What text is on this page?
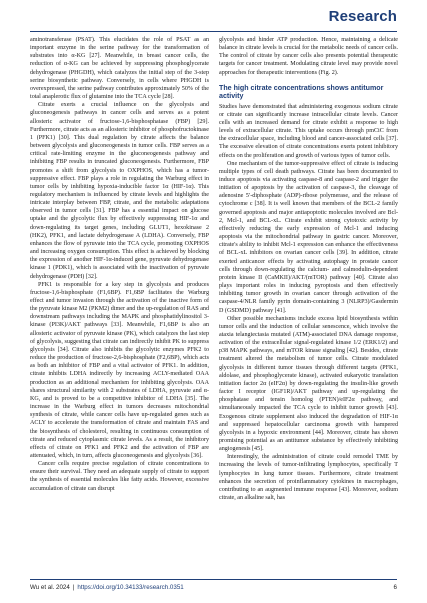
Research

aminotransferase (PSAT). This elucidates the role of PSAT as an important enzyme in the serine pathway for the transformation of substrates into α-KG [27]. Meanwhile, in breast cancer cells, the reduction of α-KG can be achieved by suppressing phosphoglycerate dehydrogenase (PHGDH), which catalyzes the initial step of the 3-step serine biosynthetic pathway. Conversely, in cells where PHGDH is overexpressed, the serine pathway contributes approximately 50% of the total anaplerotic flux of glutamine into the TCA cycle [28].

Citrate exerts a crucial influence on the glycolysis and gluconeogenesis pathways in cancer cells and serves as a potent allosteric activator of fructose-1,6-bisphosphatase (FBP) [29]. Furthermore, citrate acts as an allosteric inhibitor of phosphofructokinase 1 (PFK1) [30]. This dual regulation by citrate affects the balance between glycolysis and gluconeogenesis in tumor cells. FBP serves as a critical rate-limiting enzyme in the gluconeogenesis pathway and inhibiting FBP results in truncated gluconeogenesis. Furthermore, FBP promotes a shift from glycolysis to OXPHOS, which has a tumor-suppressive effect. FBP plays a role in regulating the Warburg effect in tumor cells by inhibiting hypoxia-inducible factor 1α (HIF-1α). This regulatory mechanism is influenced by citrate levels and highlights the intricate interplay between FBP, citrate, and the metabolic adaptations observed in tumor cells [31]. FBP has a essential impact on glucose uptake and the glycolytic flux by effectively suppressing HIF-1α and down-regulating its target genes, including GLUT1, hexokinase 2 (HK2), PFK1, and lactate dehydrogenase A (LDHA). Conversely, FBP enhances the flow of pyruvate into the TCA cycle, promoting OXPHOS and increasing oxygen consumption. This effect is achieved by blocking the expression of another HIF-1α-induced gene, pyruvate dehydrogenase kinase 1 (PDK1), which is associated with the inactivation of pyruvate dehydrogenase (PDH) [32].

PFK1 is responsible for a key step in glycolysis and produces fructose-1,6-bisphosphate (F1,6BP). F1,6BP facilitates the Warburg effect and tumor invasion through the activation of the inactive form of the pyruvate kinase M2 (PKM2) dimer and the up-regulation of RAS and downstream pathways including the MAPK and phosphatidylinositol 3-kinase (PI3K)/AKT pathways [33]. Meanwhile, F1,6BP is also an allosteric activator of pyruvate kinase (PK), which catalyzes the last step of glycolysis, suggesting that citrate can indirectly inhibit PK to suppress glycolysis [34]. Citrate also inhibits the glycolytic enzymes PFK2 to reduce the production of fructose-2,6-bisphosphate (F2,6BP), which acts as both an inhibitor of FBP and a vital activator of PFK1. In addition, citrate inhibits LDHA indirectly by increasing ACLY-mediated OAA production as an additional mechanism for inhibiting glycolysis. OAA shares structural similarity with 2 substrates of LDHA, pyruvate and α-KG, and is proved to be a competitive inhibitor of LDHA [35]. The increase in the Warburg effect in tumors decreases mitochondrial synthesis of citrate, while cancer cells have up-regulated genes such as ACLY to accelerate the transformation of citrate and maintain FAS and the biosynthesis of cholesterol, resulting in continuous consumption of citrate and reduced cytoplasmic citrate levels. As a result, the inhibitory effects of citrate on PFK1 and PFK2 and the activation of FBP are attenuated, which, in turn, affects gluconeogenesis and glycolysis [36].

Cancer cells require precise regulation of citrate concentrations to ensure their survival. They need an adequate supply of citrate to support the synthesis of essential molecules like fatty acids. However, excessive accumulation of citrate can disrupt

glycolysis and hinder ATP production. Hence, maintaining a delicate balance in citrate levels is crucial for the metabolic needs of cancer cells. The control of citrate by cancer cells also presents potential therapeutic targets for cancer treatment. Modulating citrate level may provide novel approaches for therapeutic interventions (Fig. 2).

The high citrate concentrations shows antitumor activity

Studies have demonstrated that administering exogenous sodium citrate or citrate can significantly increase intracellular citrate levels. Cancer cells with an increased demand for citrate exhibit a response to high levels of extracellular citrate. This uptake occurs through pmCiC from the extracellular space, including blood and cancer-associated cells [37]. The excessive elevation of citrate concentrations exerts potent inhibitory effects on the proliferation and growth of various types of tumor cells.

One mechanism of the tumor-suppressive effect of citrate is inducing multiple types of cell death pathways. Citrate has been documented to induce apoptosis via activating caspase-8 and caspase-2 and trigger the initiation of apoptosis by the activation of caspase-3, the cleavage of adenosine 5′-diphosphate (ADP)-ribose polymerase, and the release of cytochrome c [38]. It is well known that members of the BCL-2 family governed apoptosis and major antiapoptotic molecules involved are Bcl-2, Mcl-1, and BCL-xL. Citrate exhibit strong cytotoxic activity by effectively reducing the early expression of Mcl-1 and inducing apoptosis via the mitochondrial pathway in gastric cancer. Moreover, citrate's ability to inhibit Mcl-1 expression can enhance the effectiveness of BCL-xL inhibitors on ovarian cancer cells [39]. In addition, citrate exerted anticancer effects by activating autophagy in prostate cancer cells through down-regulating the calcium- and calmodulin-dependent protein kinase II (CaMKII)/AKT/(mTOR) pathway [40]. Citrate also plays important roles in inducing pyroptosis and then effectively inhibiting tumor growth in ovarian cancer through activation of the caspase-4/NLR family pyrin domain-containing 3 (NLRP3)/Gasdermin D (GSDMD) pathway [41].

Other possible mechanisms include excess lipid biosynthesis within tumor cells and the induction of cellular senescence, which involve the ataxia telangiectasia mutated (ATM)-associated DNA damage response, activation of the extracellular signal-regulated kinase 1/2 (ERK1/2) and p38 MAPK pathways, and mTOR kinase signaling [42]. Besides, citrate treatment altered the metabolism of tumor cells. Citrate modulated glycolysis in different tumor tissues through different targets (PFK1, aldolase, and phosphoglycerate kinase), activated eukaryotic translation initiation factor 2α (eIF2α) by down-regulating the insulin-like growth factor I receptor (IGF1R)/AKT pathway and up-regulating the phosphatase and tensin homolog (PTEN)/eIF2α pathway, and simultaneously impacted the TCA cycle to inhibit tumor growth [43]. Exogenous citrate supplement also induced the degradation of HIF-1α and suppressed hepatocellular carcinoma growth with hampered glycolysis in a hypoxic environment [44]. Moreover, citrate has shown promising potential as an antitumor substance by effectively inhibiting angiogenesis [45].

Interestingly, the administration of citrate could remodel TME by increasing the levels of tumor-infiltrating lymphocytes, specifically T lymphocytes in lung tumor tissues. Furthermore, citrate treatment enhances the secretion of proinflammatory cytokines in macrophages, contributing to an augmented immune response [43]. Moreover, sodium citrate, an alkaline salt, has

Wu et al. 2024 | https://doi.org/10.34133/research.0351	6
